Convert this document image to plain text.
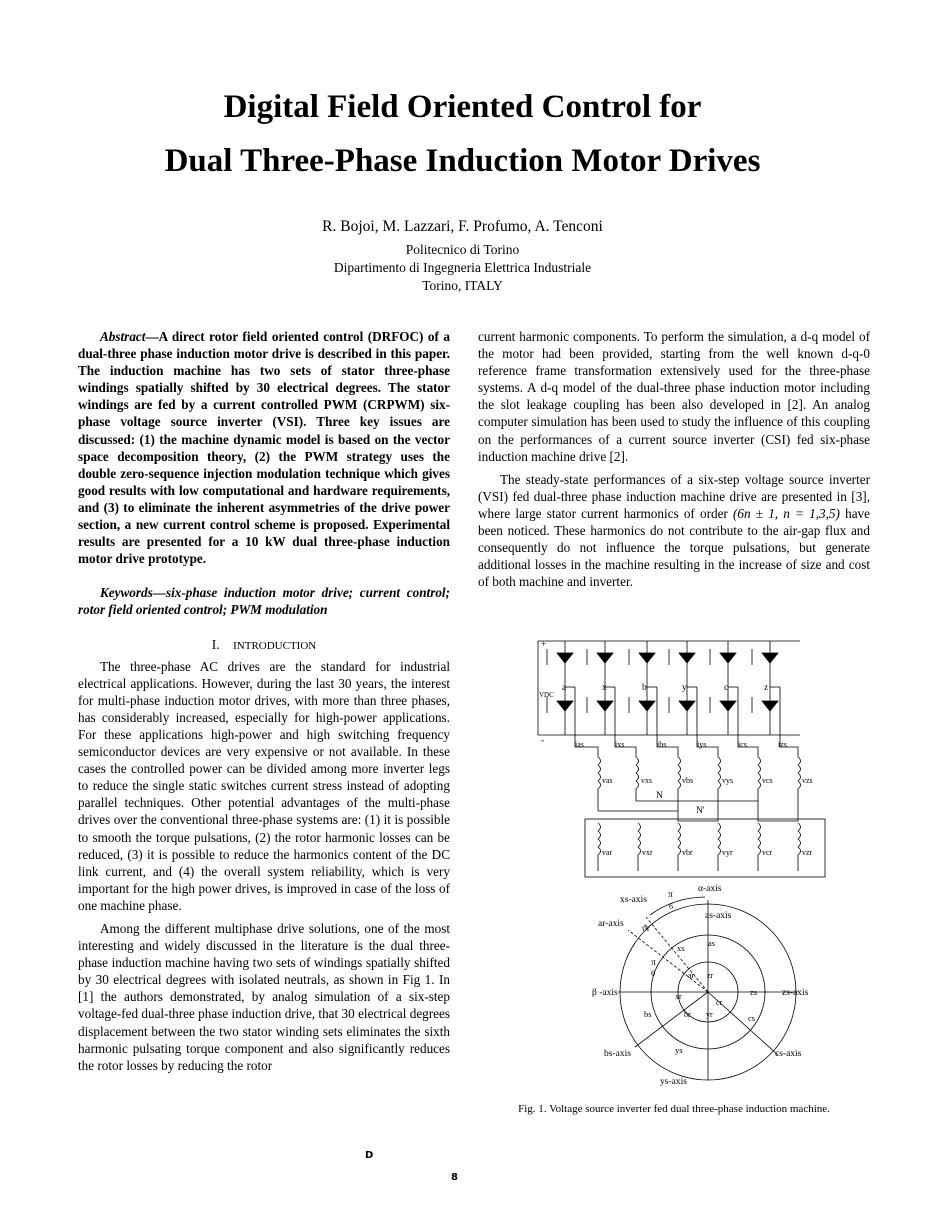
Digital Field Oriented Control for
Dual Three-Phase Induction Motor Drives
R. Bojoi, M. Lazzari, F. Profumo, A. Tenconi
Politecnico di Torino
Dipartimento di Ingegneria Elettrica Industriale
Torino, ITALY

Abstract—A direct rotor field oriented control (DRFOC) of a dual-three phase induction motor drive is described in this paper. The induction machine has two sets of stator three-phase windings spatially shifted by 30 electrical degrees. The stator windings are fed by a current controlled PWM (CRPWM) six-phase voltage source inverter (VSI). Three key issues are discussed: (1) the machine dynamic model is based on the vector space decomposition theory, (2) the PWM strategy uses the double zero-sequence injection modulation technique which gives good results with low computational and hardware requirements, and (3) to eliminate the inherent asymmetries of the drive power section, a new current control scheme is proposed. Experimental results are presented for a 10 kW dual three-phase induction motor drive prototype.

Keywords—six-phase induction motor drive; current control; rotor field oriented control; PWM modulation

I. INTRODUCTION

The three-phase AC drives are the standard for industrial electrical applications. However, during the last 30 years, the interest for multi-phase induction motor drives, with more than three phases, has considerably increased, especially for high-power applications. For these applications high-power and high switching frequency semiconductor devices are very expensive or not available. In these cases the controlled power can be divided among more inverter legs to reduce the single static switches current stress instead of adopting parallel techniques. Other potential advantages of the multi-phase drives over the conventional three-phase systems are: (1) it is possible to smooth the torque pulsations, (2) the rotor harmonic losses can be reduced, (3) it is possible to reduce the harmonics content of the DC link current, and (4) the overall system reliability, which is very important for the high power drives, is improved in case of the loss of one machine phase.

Among the different multiphase drive solutions, one of the most interesting and widely discussed in the literature is the dual three-phase induction machine having two sets of windings spatially shifted by 30 electrical degrees with isolated neutrals, as shown in Fig 1. In [1] the authors demonstrated, by analog simulation of a six-step voltage-fed dual-three phase induction drive, that 30 electrical degrees displacement between the two stator winding sets eliminates the sixth harmonic pulsating torque component and also significantly reduces the rotor losses by reducing the rotor

current harmonic components. To perform the simulation, a d-q model of the motor had been provided, starting from the well known d-q-0 reference frame transformation extensively used for the three-phase systems. A d-q model of the dual-three phase induction motor including the slot leakage coupling has been also developed in [2]. An analog computer simulation has been used to study the influence of this coupling on the performances of a current source inverter (CSI) fed six-phase induction machine drive [2].

The steady-state performances of a six-step voltage source inverter (VSI) fed dual-three phase induction machine drive are presented in [3], where large stator current harmonics of order (6n ± 1, n = 1,3,5) have been noticed. These harmonics do not contribute to the air-gap flux and consequently do not influence the torque pulsations, but generate additional losses in the machine resulting in the increase of size and cost of both machine and inverter.

+
VDC
-
a	x	b	y	c	z
ias	ixs	ibs	iys	ics	izs
vas	vxs	vbs	vys	vcs	vzs
N
N'
var	vxr	vbr	vyr	vcr	vzr
α-axis
xs-axis
as-axis
ar-axis
π
6
ϑr
π
6
β -axis	zs-axis
bs-axis	cs-axis
ys-axis
xs	as
zs
cs
ys
bs
ar zr
cr
yr
br
xr
Fig. 1. Voltage source inverter fed dual three-phase induction machine.
D
8
